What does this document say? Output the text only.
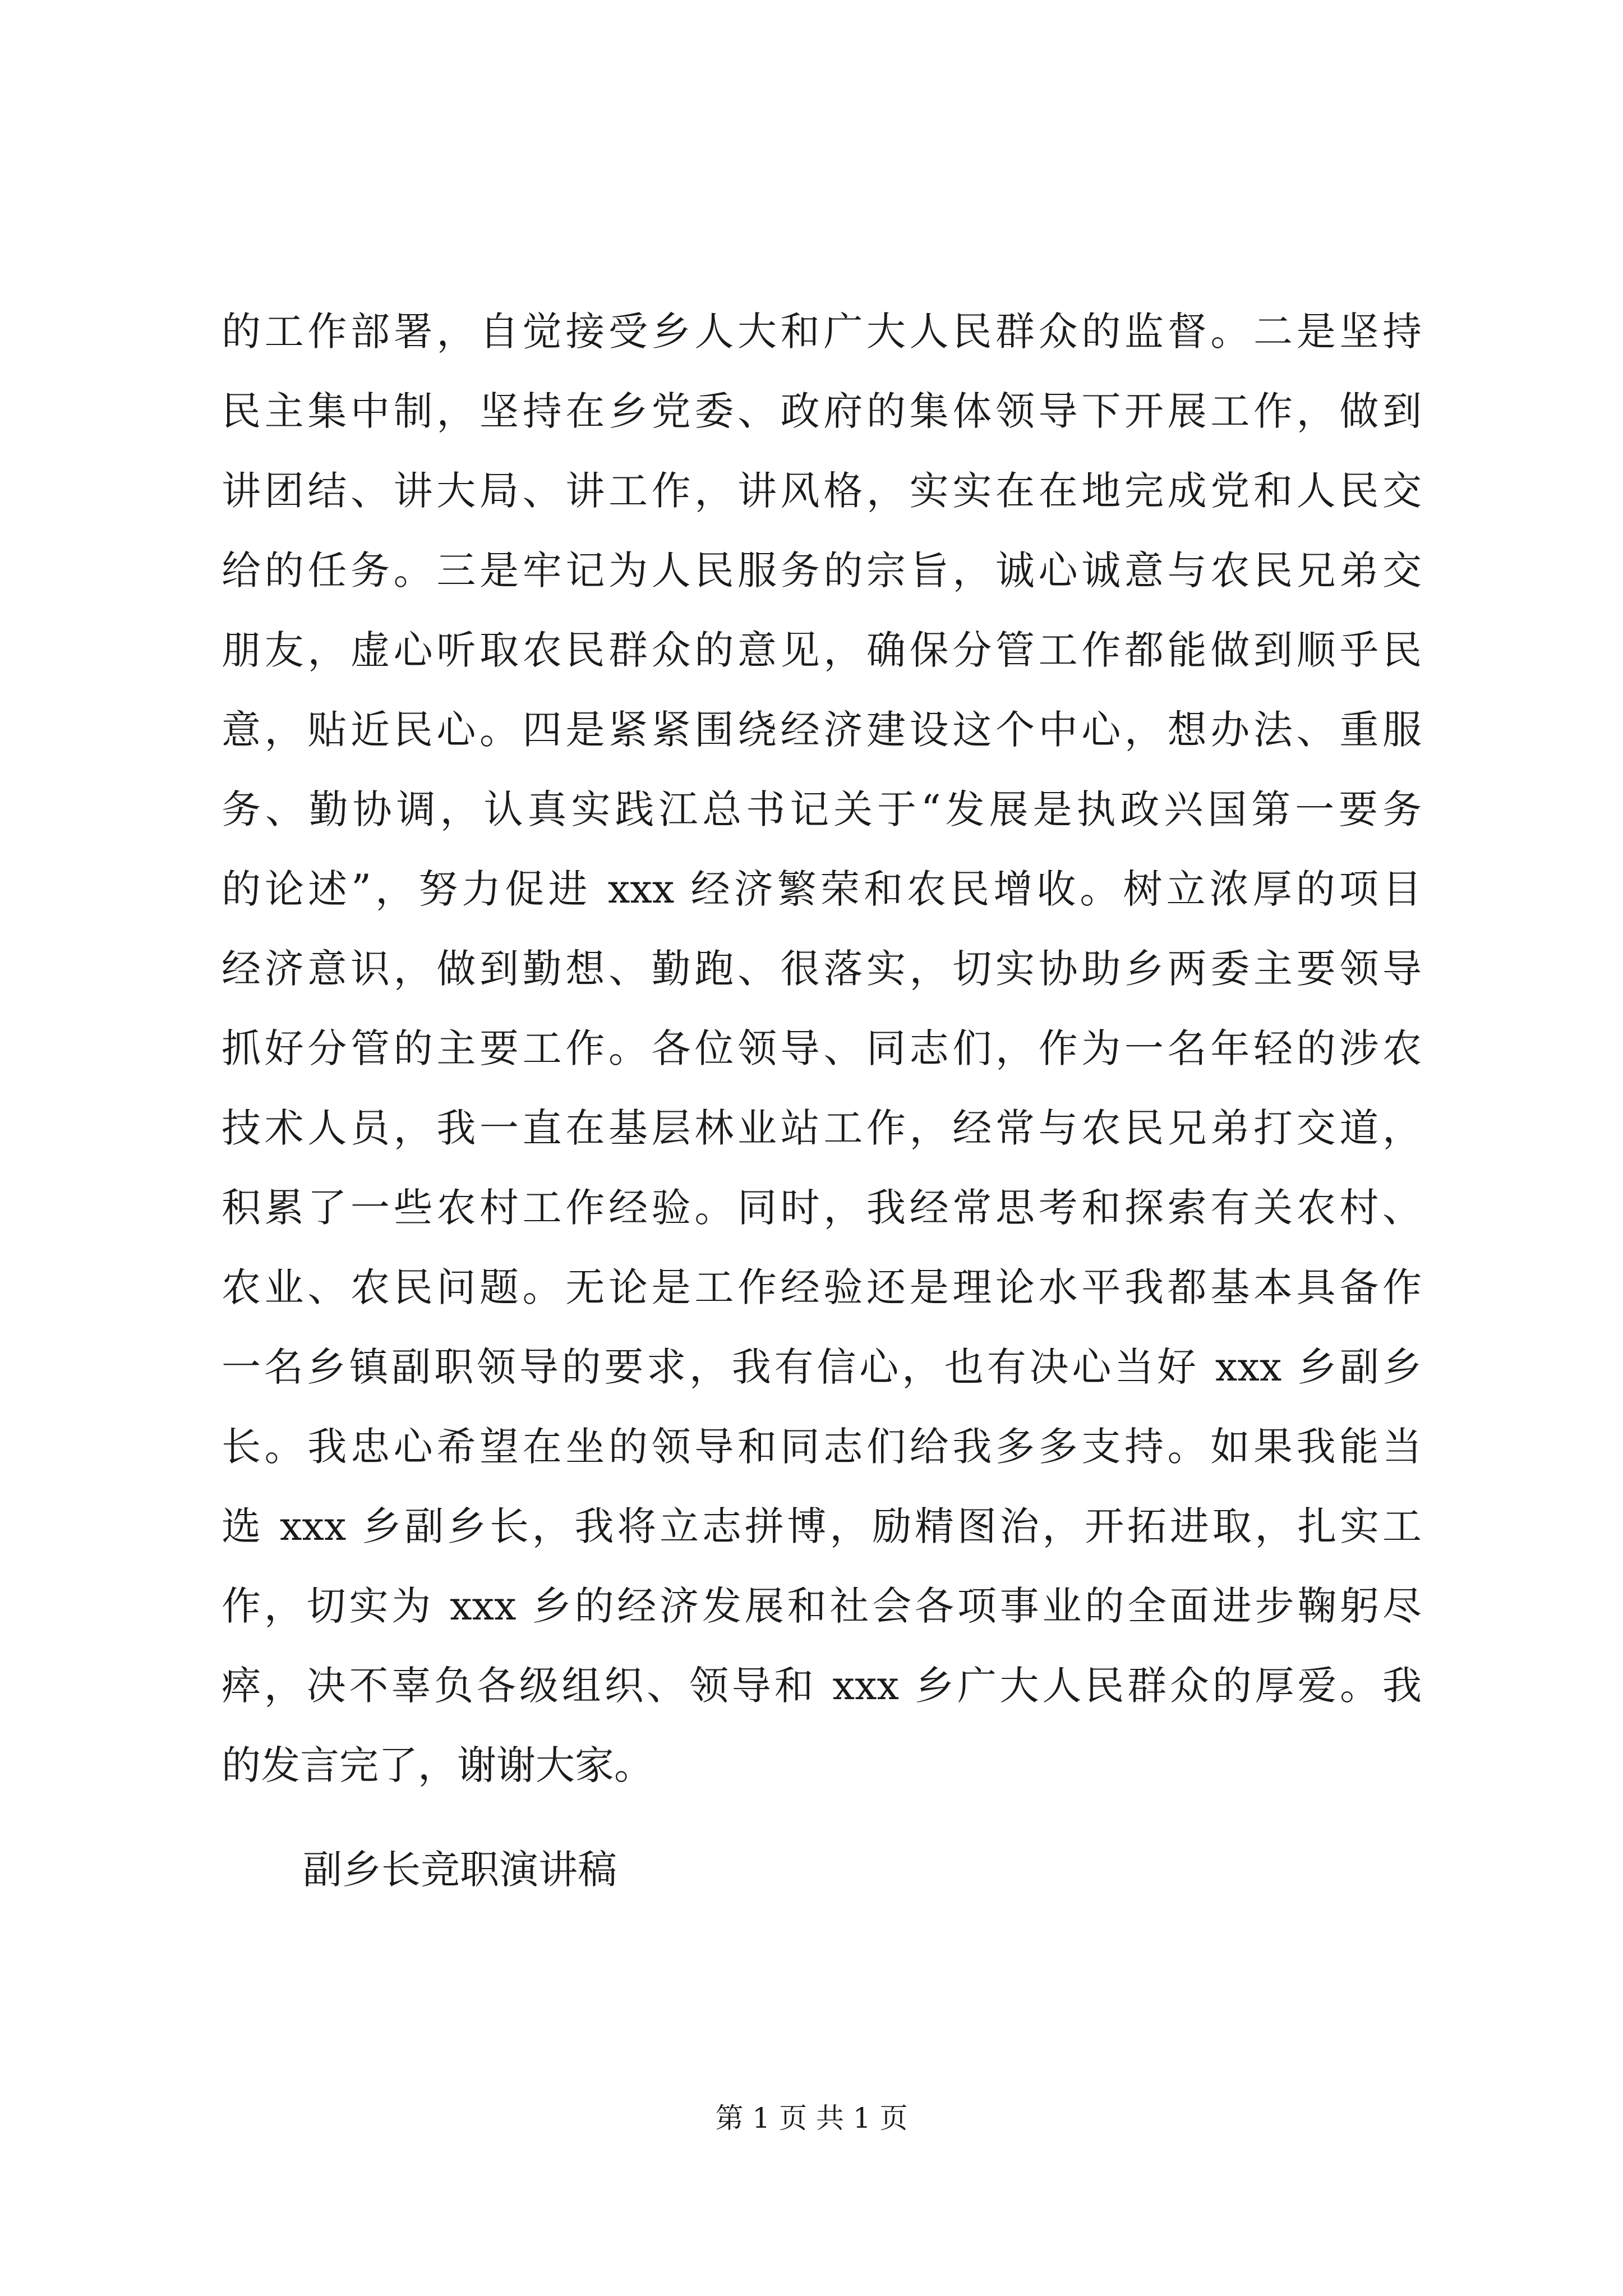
的工作部署，自觉接受乡人大和广大人民群众的监督。二是坚持
民主集中制，坚持在乡党委、政府的集体领导下开展工作，做到
讲团结、讲大局、讲工作，讲风格，实实在在地完成党和人民交
给的任务。三是牢记为人民服务的宗旨，诚心诚意与农民兄弟交
朋友，虚心听取农民群众的意见，确保分管工作都能做到顺乎民
意，贴近民心。四是紧紧围绕经济建设这个中心，想办法、重服
务、勤协调，认真实践江总书记关于“发展是执政兴国第一要务
的论述”，努力促进 xxx 经济繁荣和农民增收。树立浓厚的项目
经济意识，做到勤想、勤跑、很落实，切实协助乡两委主要领导
抓好分管的主要工作。各位领导、同志们，作为一名年轻的涉农
技术人员，我一直在基层林业站工作，经常与农民兄弟打交道，
积累了一些农村工作经验。同时，我经常思考和探索有关农村、
农业、农民问题。无论是工作经验还是理论水平我都基本具备作
一名乡镇副职领导的要求，我有信心，也有决心当好 xxx 乡副乡
长。我忠心希望在坐的领导和同志们给我多多支持。如果我能当
选 xxx 乡副乡长，我将立志拼博，励精图治，开拓进取，扎实工
作，切实为 xxx 乡的经济发展和社会各项事业的全面进步鞠躬尽
瘁，决不辜负各级组织、领导和 xxx 乡广大人民群众的厚爱。我
的发言完了，谢谢大家。
副乡长竞职演讲稿
第 1 页 共 1 页
